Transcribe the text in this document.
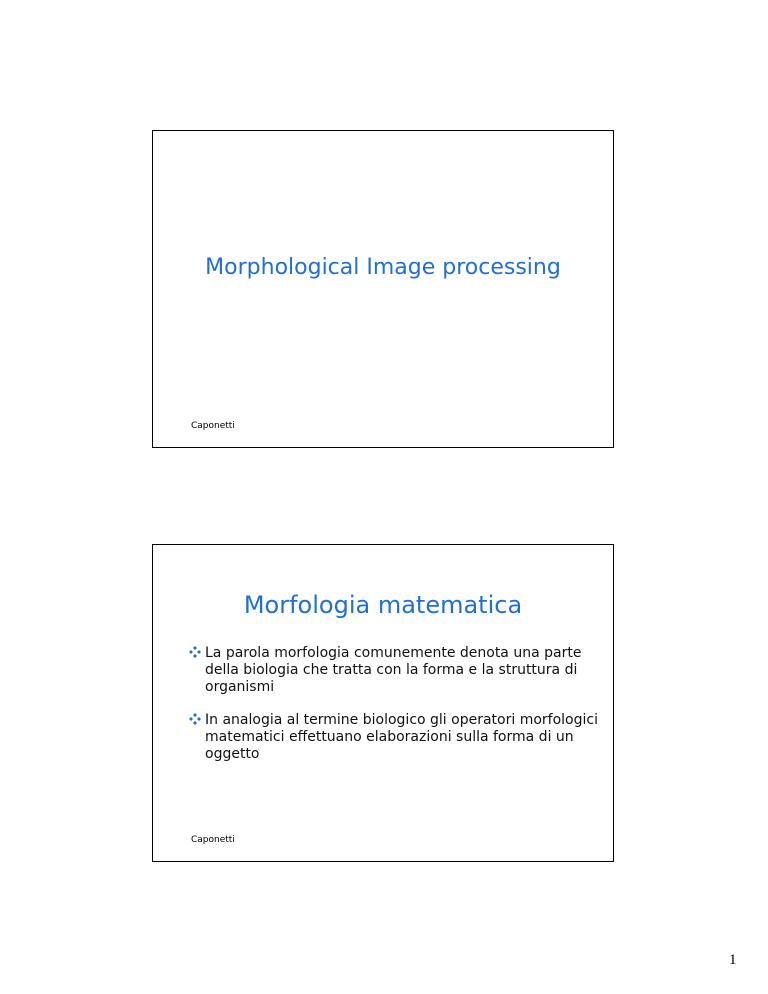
Morphological Image processing
Caponetti
Morfologia matematica
La parola morfologia comunemente denota una parte della biologia che tratta con la forma e la struttura di organismi
In analogia al termine biologico gli operatori morfologici matematici effettuano elaborazioni sulla forma di un oggetto
Caponetti
1
